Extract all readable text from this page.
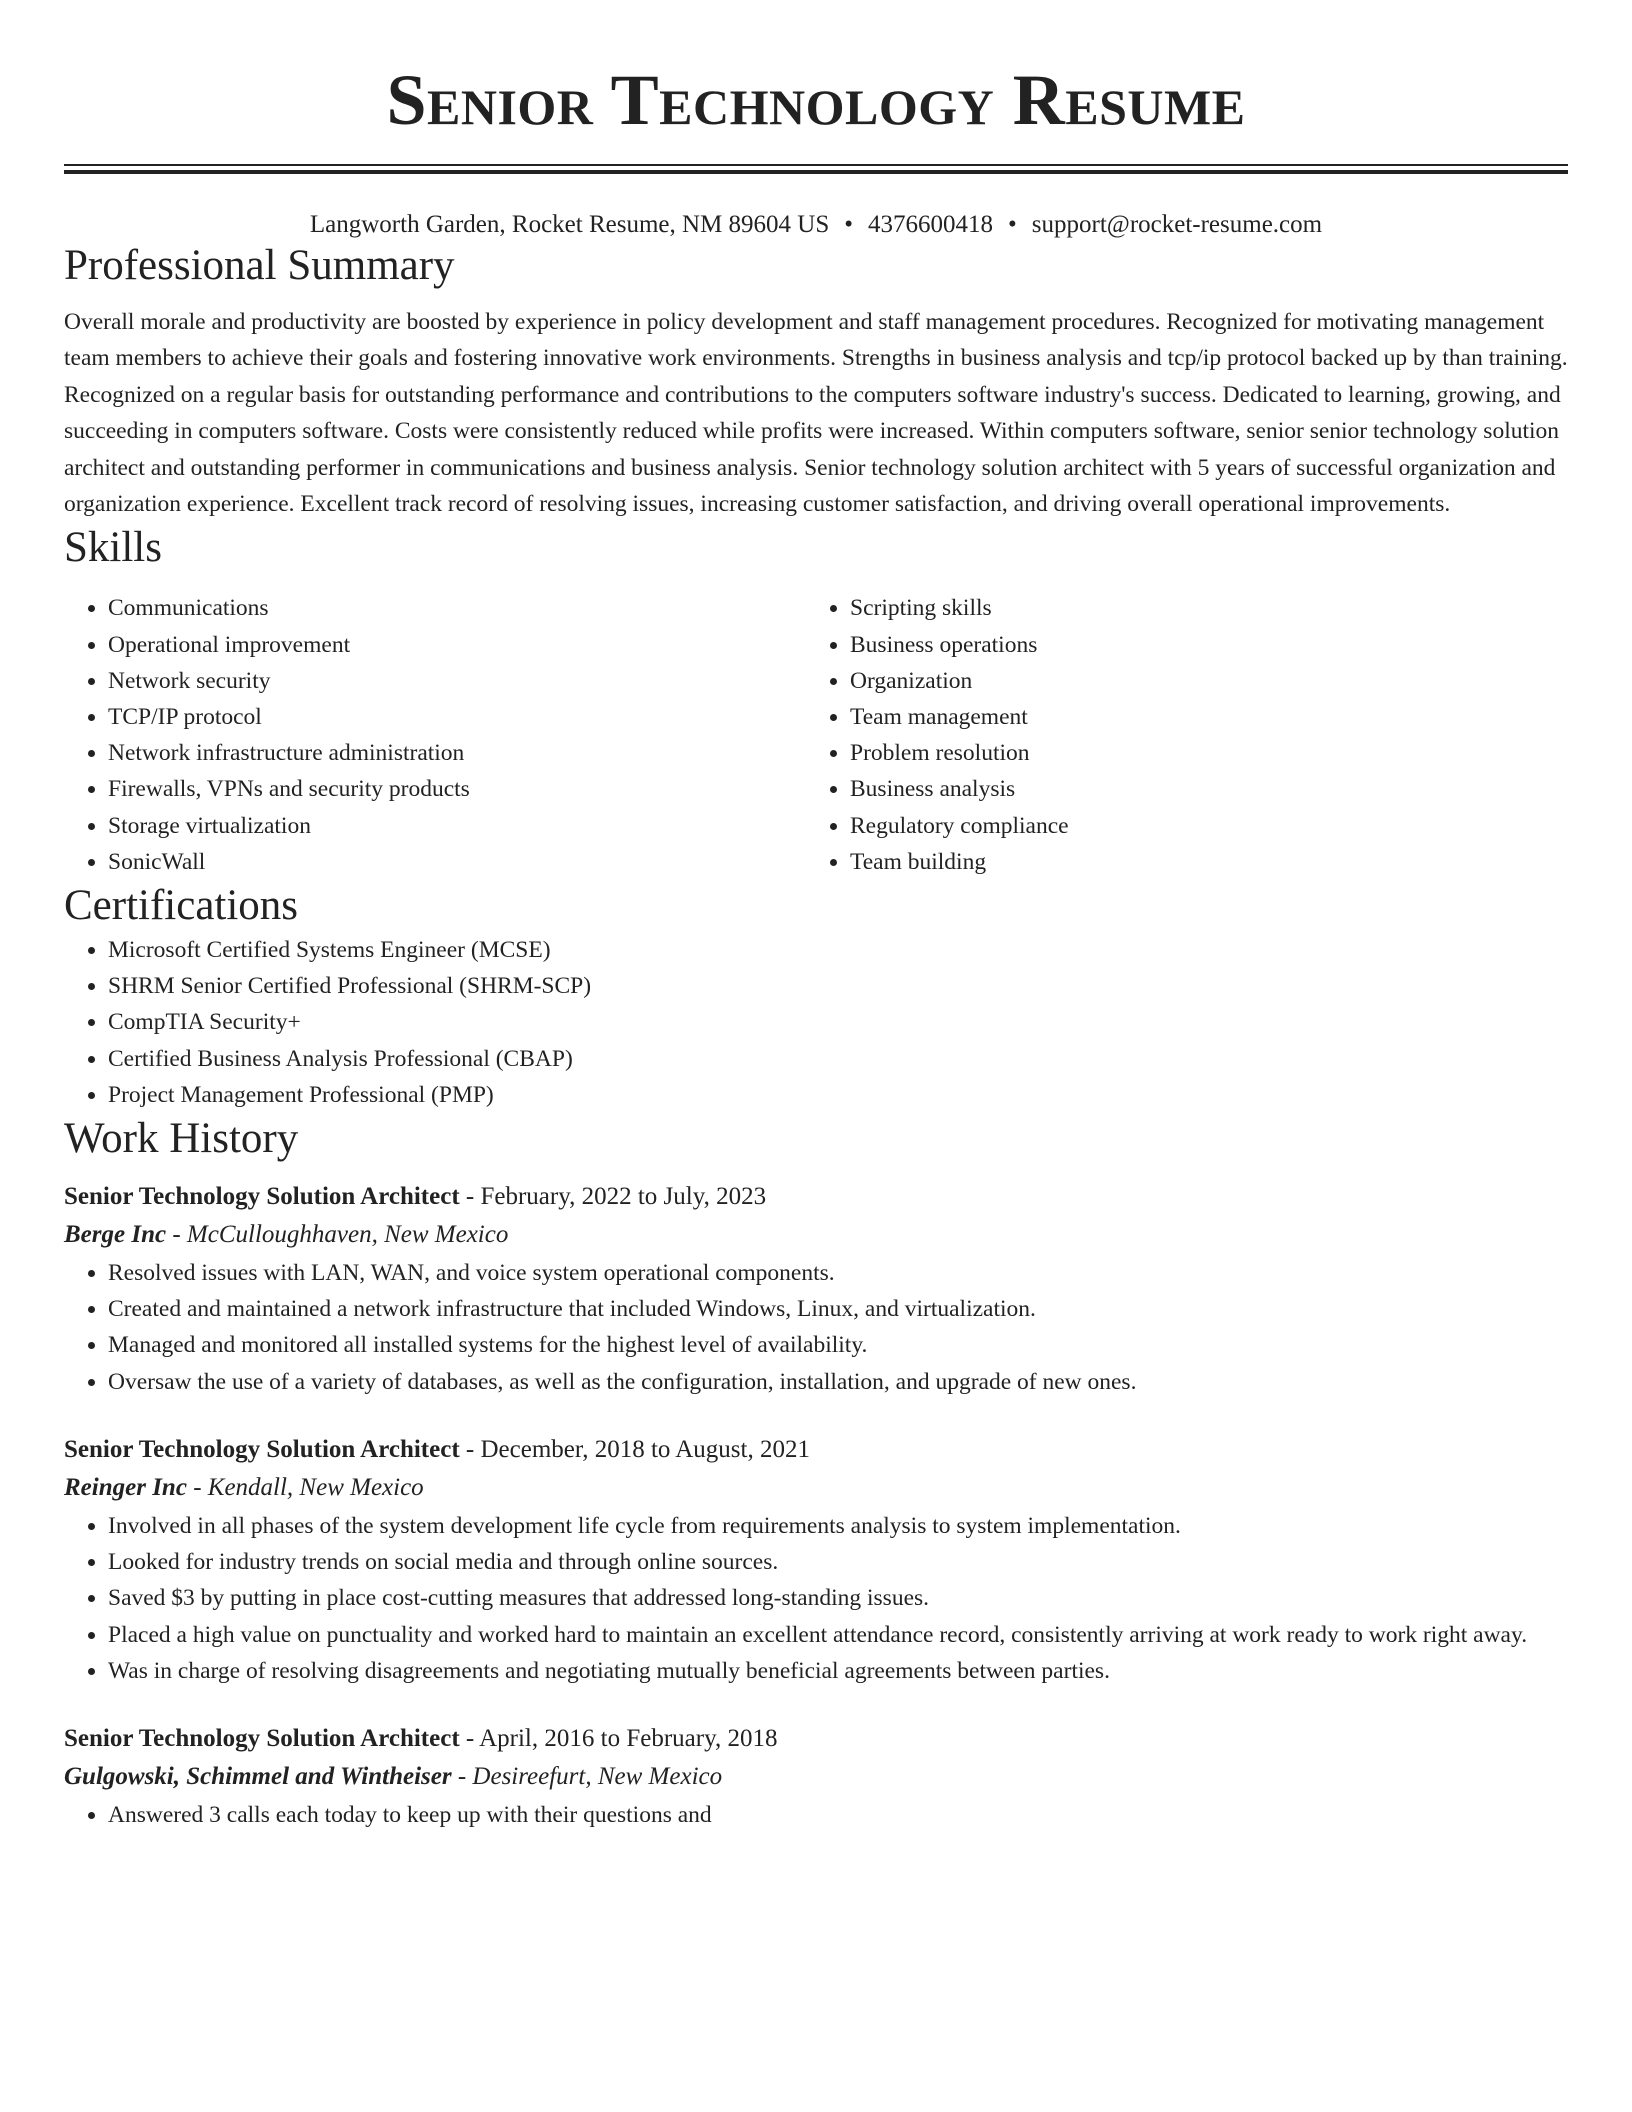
Senior Technology Resume
Langworth Garden, Rocket Resume, NM 89604 US • 4376600418 • support@rocket-resume.com
Professional Summary

Overall morale and productivity are boosted by experience in policy development and staff management procedures. Recognized for motivating management team members to achieve their goals and fostering innovative work environments. Strengths in business analysis and tcp/ip protocol backed up by than training. Recognized on a regular basis for outstanding performance and contributions to the computers software industry's success. Dedicated to learning, growing, and succeeding in computers software. Costs were consistently reduced while profits were increased. Within computers software, senior senior technology solution architect and outstanding performer in communications and business analysis. Senior technology solution architect with 5 years of successful organization and organization experience. Excellent track record of resolving issues, increasing customer satisfaction, and driving overall operational improvements.

Skills
• Communications
• Operational improvement
• Network security
• TCP/IP protocol
• Network infrastructure administration
• Firewalls, VPNs and security products
• Storage virtualization
• SonicWall
• Scripting skills
• Business operations
• Organization
• Team management
• Problem resolution
• Business analysis
• Regulatory compliance
• Team building
Certifications
• Microsoft Certified Systems Engineer (MCSE)
• SHRM Senior Certified Professional (SHRM-SCP)
• CompTIA Security+
• Certified Business Analysis Professional (CBAP)
• Project Management Professional (PMP)
Work History
Senior Technology Solution Architect - February, 2022 to July, 2023
Berge Inc - McCulloughhaven, New Mexico
• Resolved issues with LAN, WAN, and voice system operational components.
• Created and maintained a network infrastructure that included Windows, Linux, and virtualization.
• Managed and monitored all installed systems for the highest level of availability.
• Oversaw the use of a variety of databases, as well as the configuration, installation, and upgrade of new ones.
Senior Technology Solution Architect - December, 2018 to August, 2021
Reinger Inc - Kendall, New Mexico
• Involved in all phases of the system development life cycle from requirements analysis to system implementation.
• Looked for industry trends on social media and through online sources.
• Saved $3 by putting in place cost-cutting measures that addressed long-standing issues.
• Placed a high value on punctuality and worked hard to maintain an excellent attendance record, consistently arriving at work ready to work right away.
• Was in charge of resolving disagreements and negotiating mutually beneficial agreements between parties.
Senior Technology Solution Architect - April, 2016 to February, 2018
Gulgowski, Schimmel and Wintheiser - Desireefurt, New Mexico
• Answered 3 calls each today to keep up with their questions and
